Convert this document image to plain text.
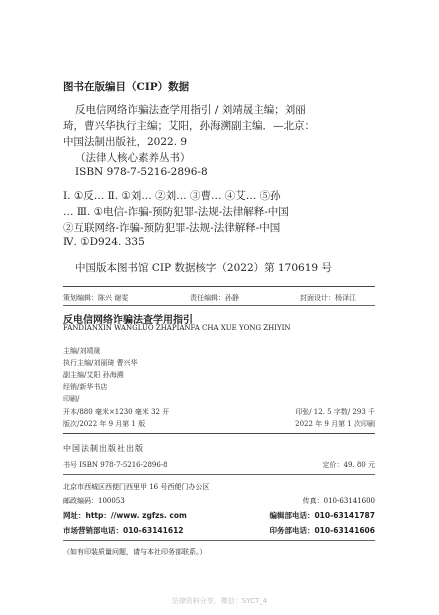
图书在版编目（CIP）数据
反电信网络诈骗法查学用指引 / 刘靖晟主编；刘丽
琦，曹兴华执行主编；艾阳，孙海溯副主编．—北京：
中国法制出版社，2022. 9
（法律人核心素养丛书）
ISBN 978-7-5216-2896-8
Ⅰ. ①反… Ⅱ. ①刘… ②刘… ③曹… ④艾… ⑤孙
… Ⅲ. ①电信-诈骗-预防犯罪-法规-法律解释-中国
②互联网络-诈骗-预防犯罪-法规-法律解释-中国
Ⅳ. ①D924. 335
中国版本图书馆 CIP 数据核字（2022）第 170619 号
策划编辑：陈兴 谢雯	责任编辑：孙静	封面设计：杨泽江
反电信网络诈骗法查学用指引
FANDIANXIN WANGLUO ZHAPIANFA CHA XUE YONG ZHIYIN
主编/刘靖晟
执行主编/刘丽琦 曹兴华
副主编/艾阳 孙海溯
经销/新华书店
印刷/
开本/880 毫米×1230 毫米 32 开	印张/ 12. 5 字数/ 293 千
版次/2022 年 9 月第 1 版	2022 年 9 月第 1 次印刷
中国法制出版社出版
书号 ISBN 978-7-5216-2896-8	定价：49. 80 元
北京市西城区西便门西里甲 16 号西便门办公区
邮政编码：100053	传真：010-63141600
网址：http：//www. zgfzs. com	编辑部电话：010-63141787
市场营销部电话：010-63141612	印务部电话：010-63141606
（如有印装质量问题，请与本社印务部联系。）
法律资料分享，微信：SYCT_4
